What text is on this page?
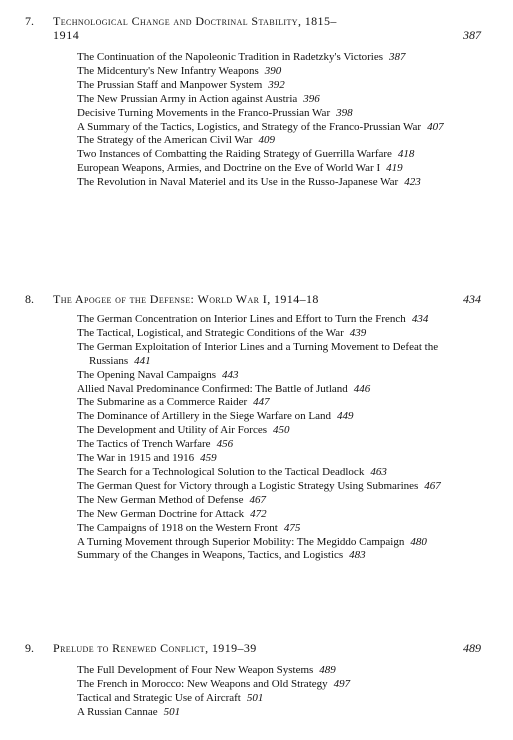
7. Technological Change and Doctrinal Stability, 1815–
1914	387
The Continuation of the Napoleonic Tradition in Radetzky's Victories 387
The Midcentury's New Infantry Weapons 390
The Prussian Staff and Manpower System 392
The New Prussian Army in Action against Austria 396
Decisive Turning Movements in the Franco-Prussian War 398
A Summary of the Tactics, Logistics, and Strategy of the Franco-Prussian War 407
The Strategy of the American Civil War 409
Two Instances of Combatting the Raiding Strategy of Guerrilla Warfare 418
European Weapons, Armies, and Doctrine on the Eve of World War I 419
The Revolution in Naval Materiel and its Use in the Russo-Japanese War 423
8. The Apogee of the Defense: World War I, 1914–18	434
The German Concentration on Interior Lines and Effort to Turn the French 434
The Tactical, Logistical, and Strategic Conditions of the War 439
The German Exploitation of Interior Lines and a Turning Movement to Defeat the Russians 441
The Opening Naval Campaigns 443
Allied Naval Predominance Confirmed: The Battle of Jutland 446
The Submarine as a Commerce Raider 447
The Dominance of Artillery in the Siege Warfare on Land 449
The Development and Utility of Air Forces 450
The Tactics of Trench Warfare 456
The War in 1915 and 1916 459
The Search for a Technological Solution to the Tactical Deadlock 463
The German Quest for Victory through a Logistic Strategy Using Submarines 467
The New German Method of Defense 467
The New German Doctrine for Attack 472
The Campaigns of 1918 on the Western Front 475
A Turning Movement through Superior Mobility: The Megiddo Campaign 480
Summary of the Changes in Weapons, Tactics, and Logistics 483
9. Prelude to Renewed Conflict, 1919–39	489
The Full Development of Four New Weapon Systems 489
The French in Morocco: New Weapons and Old Strategy 497
Tactical and Strategic Use of Aircraft 501
A Russian Cannae 501
